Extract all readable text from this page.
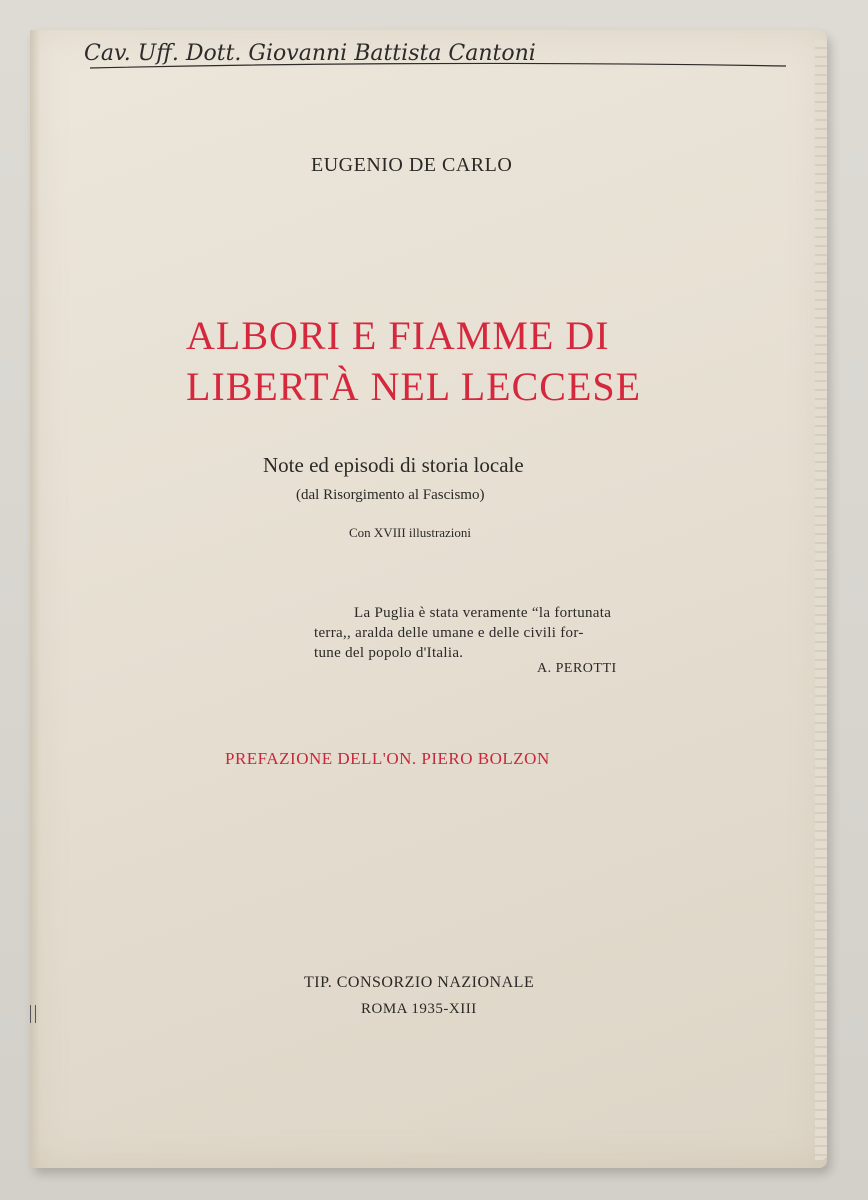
Cav. Uff. Dott. Giovanni Battista Cantoni
EUGENIO DE CARLO
ALBORI E FIAMME DI
LIBERTÀ NEL LECCESE
Note ed episodi di storia locale
(dal Risorgimento al Fascismo)
Con XVIII illustrazioni
La Puglia è stata veramente “la fortunata
terra,, aralda delle umane e delle civili for-
tune del popolo d'Italia.
A. PEROTTI
PREFAZIONE DELL'ON. PIERO BOLZON
TIP. CONSORZIO NAZIONALE
ROMA 1935-XIII
